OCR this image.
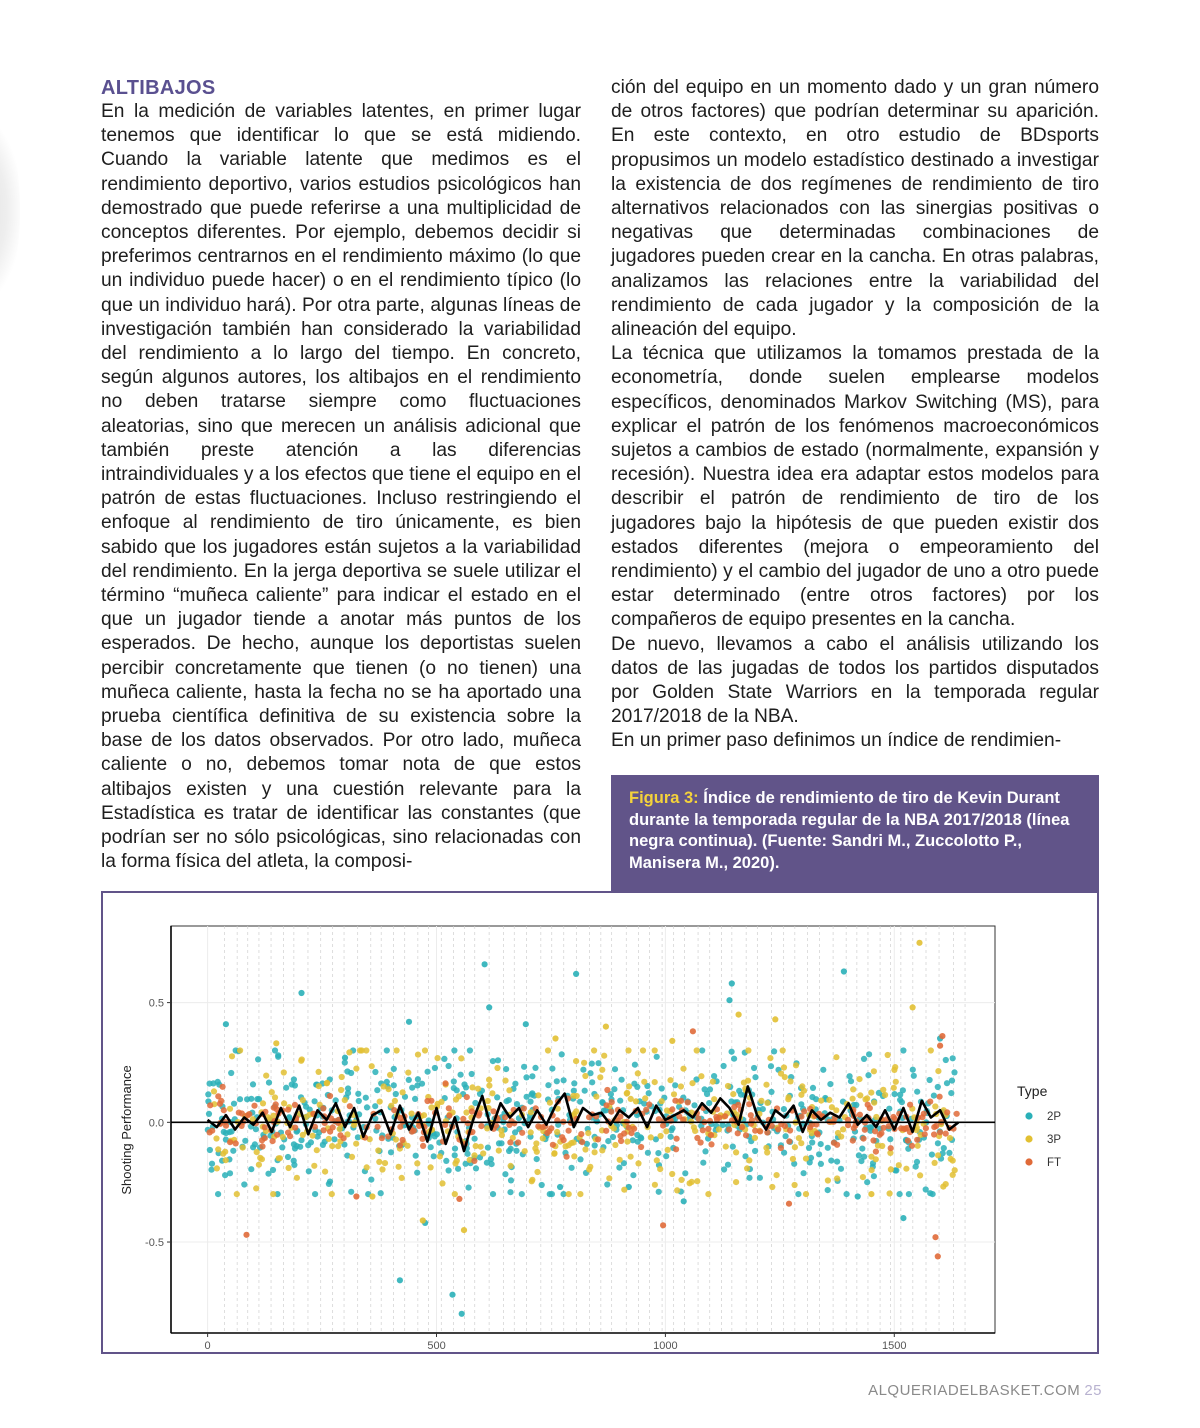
ALTIBAJOS

En la medición de variables latentes, en primer lugar tenemos que identificar lo que se está midiendo. Cuando la variable latente que medimos es el rendimiento deportivo, varios estudios psicológicos han demostrado que puede referirse a una multiplicidad de conceptos diferentes. Por ejemplo, debemos decidir si preferimos centrarnos en el rendimiento máximo (lo que un individuo puede hacer) o en el rendimiento típico (lo que un individuo hará). Por otra parte, algunas líneas de investigación también han considerado la variabilidad del rendimiento a lo largo del tiempo. En concreto, según algunos autores, los altibajos en el rendimiento no deben tratarse siempre como fluctuaciones aleatorias, sino que merecen un análisis adicional que también preste atención a las diferencias intraindividuales y a los efectos que tiene el equipo en el patrón de estas fluctuaciones. Incluso restringiendo el enfoque al rendimiento de tiro únicamente, es bien sabido que los jugadores están sujetos a la variabilidad del rendimiento. En la jerga deportiva se suele utilizar el término “muñeca caliente” para indicar el estado en el que un jugador tiende a anotar más puntos de los esperados. De hecho, aunque los deportistas suelen percibir concretamente que tienen (o no tienen) una muñeca caliente, hasta la fecha no se ha aportado una prueba científica definitiva de su existencia sobre la base de los datos observados. Por otro lado, muñeca caliente o no, debemos tomar nota de que estos altibajos existen y una cuestión relevante para la Estadística es tratar de identificar las constantes (que podrían ser no sólo psicológicas, sino relacionadas con la forma física del atleta, la composi-

ción del equipo en un momento dado y un gran número de otros factores) que podrían determinar su aparición. En este contexto, en otro estudio de BDsports propusimos un modelo estadístico destinado a investigar la existencia de dos regímenes de rendimiento de tiro alternativos relacionados con las sinergias positivas o negativas que determinadas combinaciones de jugadores pueden crear en la cancha. En otras palabras, analizamos las relaciones entre la variabilidad del rendimiento de cada jugador y la composición de la alineación del equipo.

La técnica que utilizamos la tomamos prestada de la econometría, donde suelen emplearse modelos específicos, denominados Markov Switching (MS), para explicar el patrón de los fenómenos macroeconómicos sujetos a cambios de estado (normalmente, expansión y recesión). Nuestra idea era adaptar estos modelos para describir el patrón de rendimiento de tiro de los jugadores bajo la hipótesis de que pueden existir dos estados diferentes (mejora o empeoramiento del rendimiento) y el cambio del jugador de uno a otro puede estar determinado (entre otros factores) por los compañeros de equipo presentes en la cancha.

De nuevo, llevamos a cabo el análisis utilizando los datos de las jugadas de todos los partidos disputados por Golden State Warriors en la temporada regular 2017/2018 de la NBA.

En un primer paso definimos un índice de rendimien-

Figura 3: Índice de rendimiento de tiro de Kevin Durant durante la temporada regular de la NBA 2017/2018 (línea negra continua). (Fuente: Sandri M., Zuccolotto P., Manisera M., 2020).
0	500	1000	1500
-0.5
0.0
0.5
Shooting Performance	Type
2P
3P
FT
ALQUERIADELBASKET.COM 25
